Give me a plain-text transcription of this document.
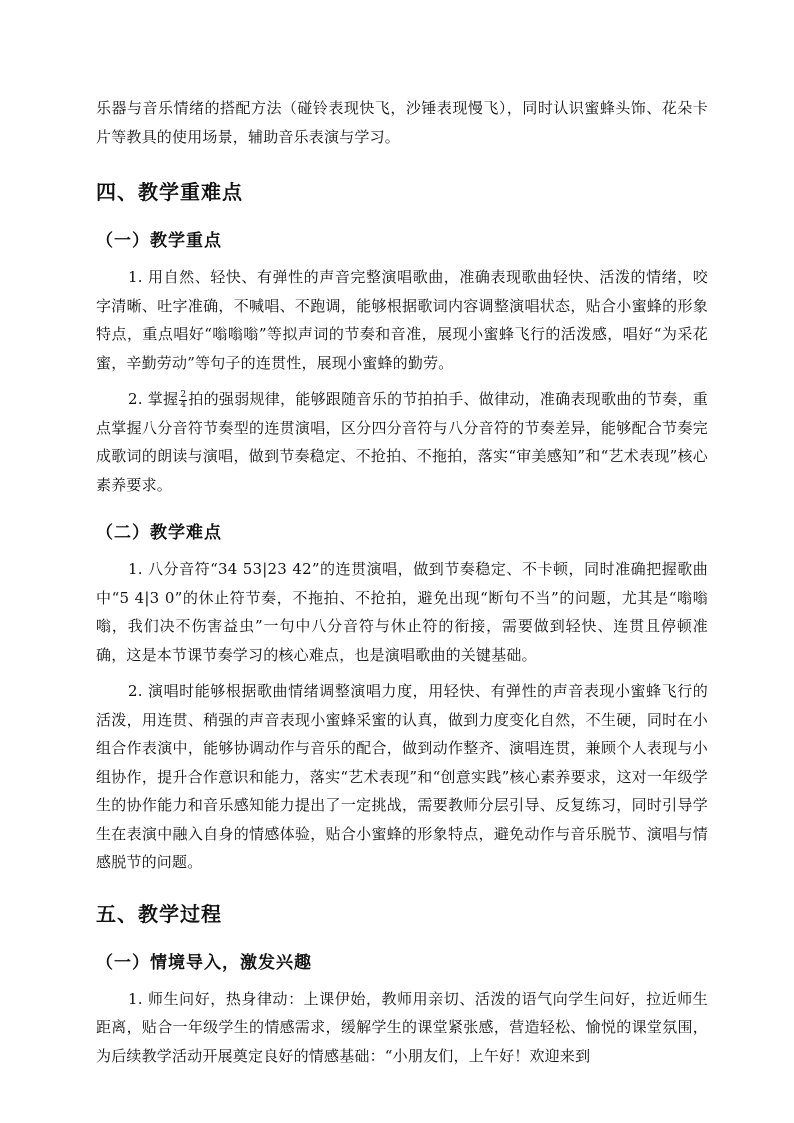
乐器与音乐情绪的搭配方法（碰铃表现快飞，沙锤表现慢飞），同时认识蜜蜂头饰、花朵卡片等教具的使用场景，辅助音乐表演与学习。

四、教学重难点
（一）教学重点

1. 用自然、轻快、有弹性的声音完整演唱歌曲，准确表现歌曲轻快、活泼的情绪，咬字清晰、吐字准确，不喊唱、不跑调，能够根据歌词内容调整演唱状态，贴合小蜜蜂的形象特点，重点唱好“嗡嗡嗡”等拟声词的节奏和音准，展现小蜜蜂飞行的活泼感，唱好“为采花蜜，辛勤劳动”等句子的连贯性，展现小蜜蜂的勤劳。

2. 掌握 $\frac{2}{4}$ 拍的强弱规律，能够跟随音乐的节拍拍手、做律动，准确表现歌曲的节奏，重点掌握八分音符节奏型的连贯演唱，区分四分音符与八分音符的节奏差异，能够配合节奏完成歌词的朗读与演唱，做到节奏稳定、不抢拍、不拖拍，落实“审美感知”和“艺术表现”核心素养要求。

（二）教学难点

1. 八分音符“34 53|23 42”的连贯演唱，做到节奏稳定、不卡顿，同时准确把握歌曲中“5 4|3 0”的休止符节奏，不拖拍、不抢拍，避免出现“断句不当”的问题，尤其是“嗡嗡嗡，我们决不伤害益虫”一句中八分音符与休止符的衔接，需要做到轻快、连贯且停顿准确，这是本节课节奏学习的核心难点，也是演唱歌曲的关键基础。

2. 演唱时能够根据歌曲情绪调整演唱力度，用轻快、有弹性的声音表现小蜜蜂飞行的活泼，用连贯、稍强的声音表现小蜜蜂采蜜的认真，做到力度变化自然，不生硬，同时在小组合作表演中，能够协调动作与音乐的配合，做到动作整齐、演唱连贯，兼顾个人表现与小组协作，提升合作意识和能力，落实“艺术表现”和“创意实践”核心素养要求，这对一年级学生的协作能力和音乐感知能力提出了一定挑战，需要教师分层引导、反复练习，同时引导学生在表演中融入自身的情感体验，贴合小蜜蜂的形象特点，避免动作与音乐脱节、演唱与情感脱节的问题。

五、教学过程
（一）情境导入，激发兴趣

1. 师生问好，热身律动：上课伊始，教师用亲切、活泼的语气向学生问好，拉近师生距离，贴合一年级学生的情感需求，缓解学生的课堂紧张感，营造轻松、愉悦的课堂氛围，为后续教学活动开展奠定良好的情感基础：“小朋友们，上午好！欢迎来到
